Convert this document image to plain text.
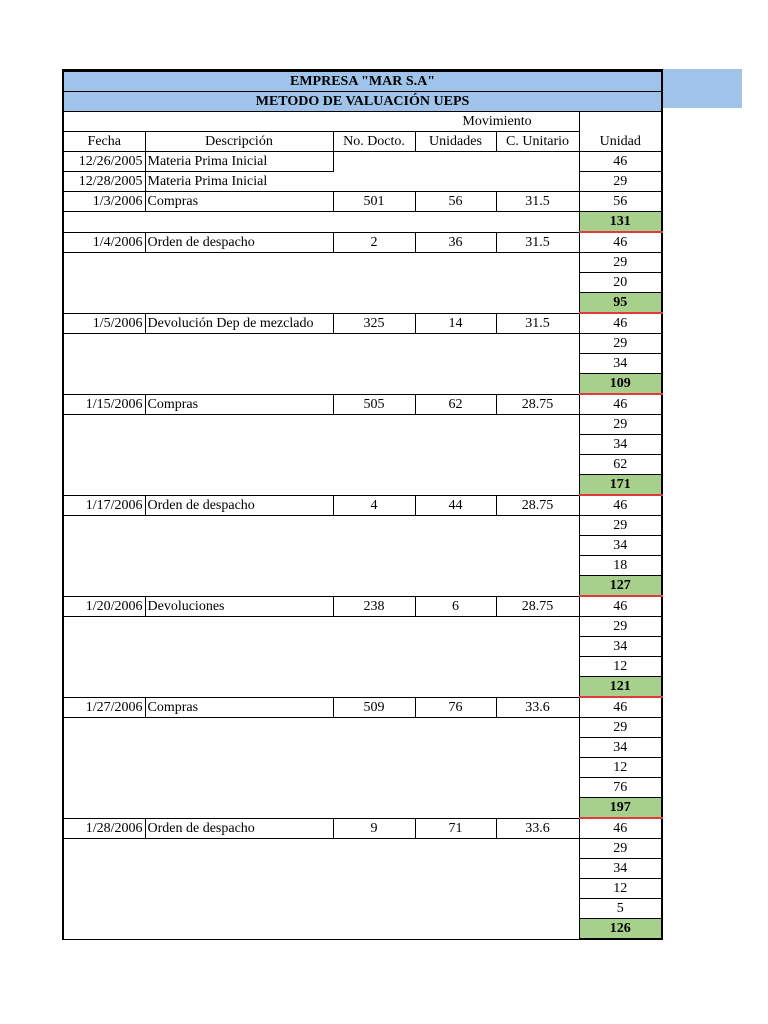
EMPRESA "MAR S.A"					
METODO DE VALUACIÓN UEPS					
			Movimiento		
Fecha	Descripción	No. Docto.	Unidades	C. Unitario	Unidad
12/26/2005	Materia Prima Inicial				46
12/28/2005	Materia Prima Inicial				29
1/3/2006	Compras	501	56	31.5	56
					131
1/4/2006	Orden de despacho	2	36	31.5	46
					29
					20
					95
1/5/2006	Devolución Dep de mezclado	325	14	31.5	46
					29
					34
					109
1/15/2006	Compras	505	62	28.75	46
					29
					34
					62
					171
1/17/2006	Orden de despacho	4	44	28.75	46
					29
					34
					18
					127
1/20/2006	Devoluciones	238	6	28.75	46
					29
					34
					12
					121
1/27/2006	Compras	509	76	33.6	46
					29
					34
					12
					76
					197
1/28/2006	Orden de despacho	9	71	33.6	46
					29
					34
					12
					5
					126
